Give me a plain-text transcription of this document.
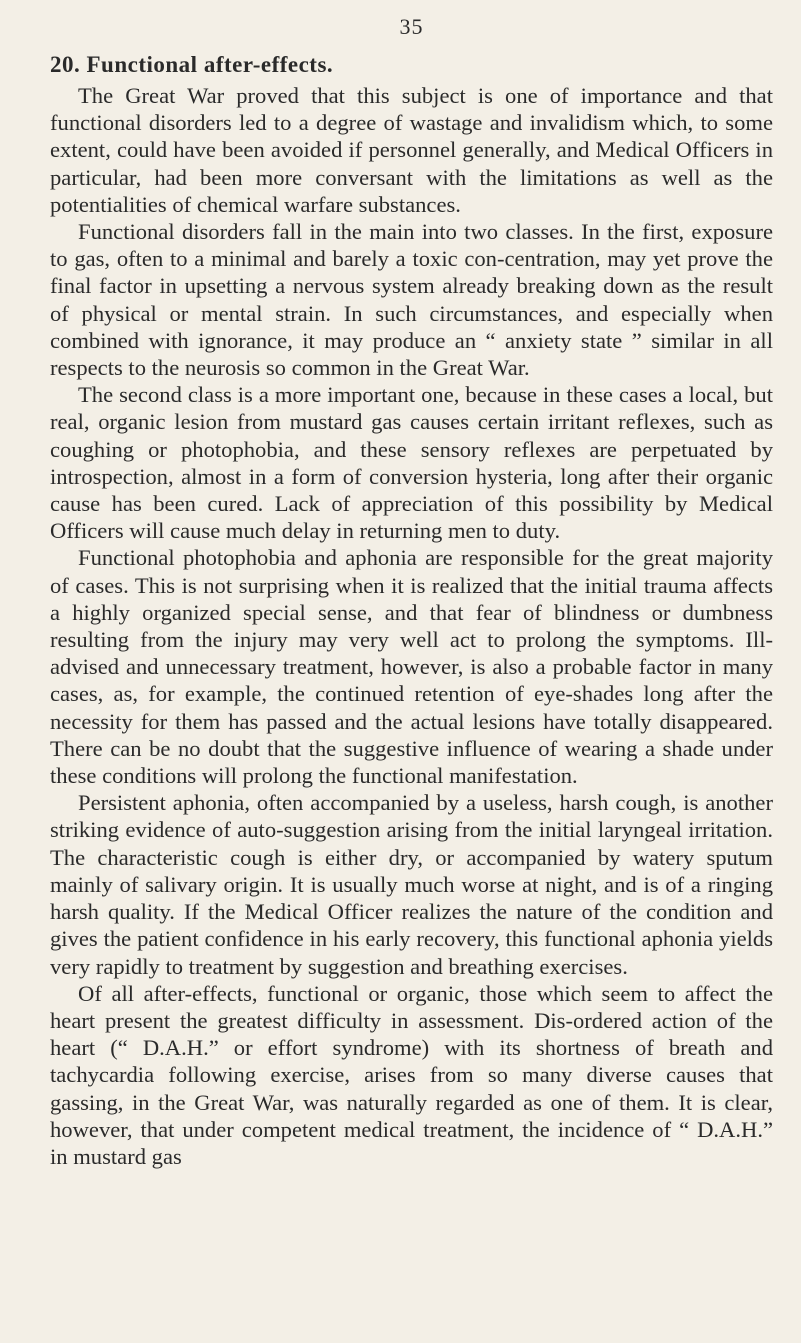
35
20. Functional after-effects.

The Great War proved that this subject is one of importance and that functional disorders led to a degree of wastage and invalidism which, to some extent, could have been avoided if personnel generally, and Medical Officers in particular, had been more conversant with the limitations as well as the potentialities of chemical warfare substances.

Functional disorders fall in the main into two classes. In the first, exposure to gas, often to a minimal and barely a toxic con-centration, may yet prove the final factor in upsetting a nervous system already breaking down as the result of physical or mental strain. In such circumstances, and especially when combined with ignorance, it may produce an “ anxiety state ” similar in all respects to the neurosis so common in the Great War.

The second class is a more important one, because in these cases a local, but real, organic lesion from mustard gas causes certain irritant reflexes, such as coughing or photophobia, and these sensory reflexes are perpetuated by introspection, almost in a form of conversion hysteria, long after their organic cause has been cured. Lack of appreciation of this possibility by Medical Officers will cause much delay in returning men to duty.

Functional photophobia and aphonia are responsible for the great majority of cases. This is not surprising when it is realized that the initial trauma affects a highly organized special sense, and that fear of blindness or dumbness resulting from the injury may very well act to prolong the symptoms. Ill-advised and unnecessary treatment, however, is also a probable factor in many cases, as, for example, the continued retention of eye-shades long after the necessity for them has passed and the actual lesions have totally disappeared. There can be no doubt that the suggestive influence of wearing a shade under these conditions will prolong the functional manifestation.

Persistent aphonia, often accompanied by a useless, harsh cough, is another striking evidence of auto-suggestion arising from the initial laryngeal irritation. The characteristic cough is either dry, or accompanied by watery sputum mainly of salivary origin. It is usually much worse at night, and is of a ringing harsh quality. If the Medical Officer realizes the nature of the condition and gives the patient confidence in his early recovery, this functional aphonia yields very rapidly to treatment by suggestion and breathing exercises.

Of all after-effects, functional or organic, those which seem to affect the heart present the greatest difficulty in assessment. Dis-ordered action of the heart (“ D.A.H.” or effort syndrome) with its shortness of breath and tachycardia following exercise, arises from so many diverse causes that gassing, in the Great War, was naturally regarded as one of them. It is clear, however, that under competent medical treatment, the incidence of “ D.A.H.” in mustard gas
